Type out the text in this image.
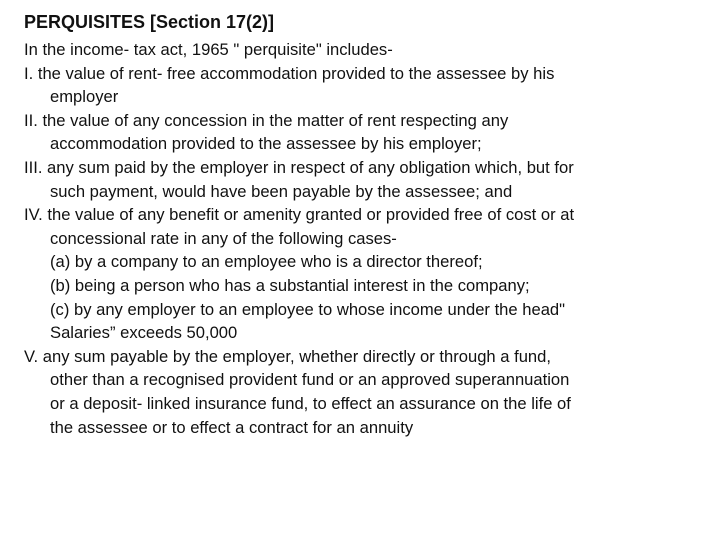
PERQUISITES [Section 17(2)]
In the income- tax act, 1965 " perquisite" includes-
I. the value of rent- free accommodation provided to the assessee by his
employer
II. the value of any concession in the matter of rent respecting any
accommodation provided to the assessee by his employer;
III. any sum paid by the employer in respect of any obligation which, but for
such payment, would have been payable by the assessee; and
IV. the value of any benefit or amenity granted or provided free of cost or at
concessional rate in any of the following cases-
(a) by a company to an employee who is a director thereof;
(b) being a person who has a substantial interest in the company;
(c) by any employer to an employee to whose income under the head"
Salaries” exceeds 50,000
V. any sum payable by the employer, whether directly or through a fund,
other than a recognised provident fund or an approved superannuation
or a deposit- linked insurance fund, to effect an assurance on the life of
the assessee or to effect a contract for an annuity
